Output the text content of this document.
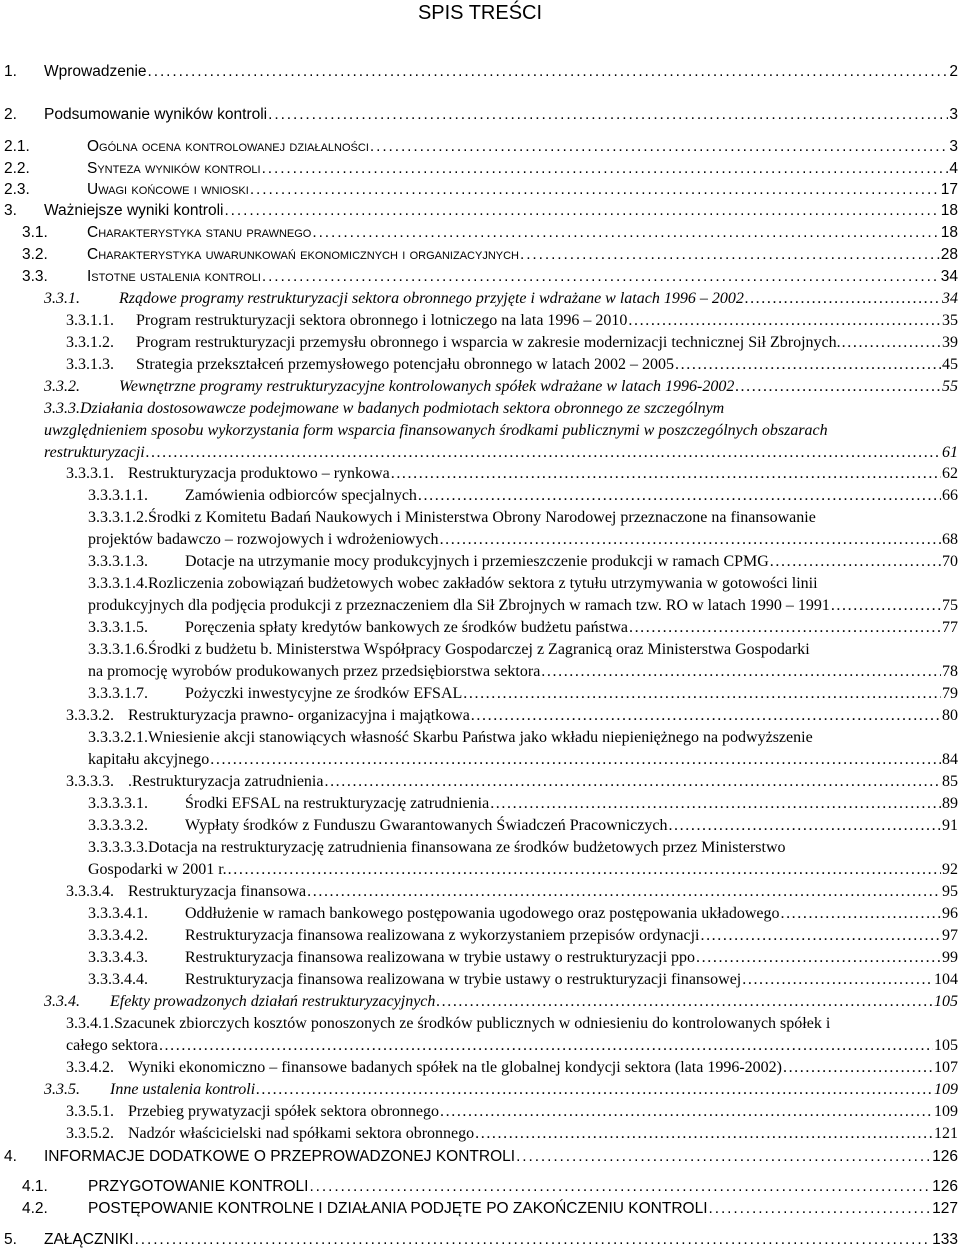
SPIS TREŚCI
1.	Wprowadzenie . . .	2
2.	Podsumowanie wyników kontroli . . .	3
2.1.	Ogólna ocena kontrolowanej działalności . . .	3
2.2.	Synteza wyników kontroli . . .	4
2.3.	Uwagi końcowe i wnioski . . .	17
3.	Ważniejsze wyniki kontroli . . .	18
3.1.	Charakterystyka stanu prawnego . . .	18
3.2.	Charakterystyka uwarunkowań ekonomicznych i organizacyjnych . . .	28
3.3.	Istotne ustalenia kontroli . . .	34
3.3.1.	Rządowe programy restrukturyzacji sektora obronnego przyjęte i wdrażane w latach 1996 – 2002 . . .	34
3.3.1.1.	Program restrukturyzacji sektora obronnego i lotniczego na lata 1996 – 2010 . . .	35
3.3.1.2.	Program restrukturyzacji przemysłu obronnego i wsparcia w zakresie modernizacji technicznej Sił Zbrojnych. . . .	39
3.3.1.3.	Strategia przekształceń przemysłowego potencjału obronnego w latach 2002 – 2005 . . .	45
3.3.2.	Wewnętrzne programy restrukturyzacyjne kontrolowanych spółek wdrażane w latach 1996-2002 . . .	55
3.3.3.Działania dostosowawcze podejmowane w badanych podmiotach sektora obronnego ze szczególnym
uwzględnieniem sposobu wykorzystania form wsparcia finansowanych środkami publicznymi w poszczególnych obszarach
restrukturyzacji . . .	61
3.3.3.1. Restrukturyzacja produktowo – rynkowa . . .	62
3.3.3.1.1.	Zamówienia odbiorców specjalnych . . .	66
3.3.3.1.2.Środki z Komitetu Badań Naukowych i Ministerstwa Obrony Narodowej przeznaczone na finansowanie
projektów badawczo – rozwojowych i wdrożeniowych . . .	68
3.3.3.1.3.	Dotacje na utrzymanie mocy produkcyjnych i przemieszczenie produkcji w ramach CPMG . . .	70
3.3.3.1.4.Rozliczenia zobowiązań budżetowych wobec zakładów sektora z tytułu utrzymywania w gotowości linii
produkcyjnych dla podjęcia produkcji z przeznaczeniem dla Sił Zbrojnych w ramach tzw. RO w latach 1990 – 1991 . . .	75
3.3.3.1.5.	Poręczenia spłaty kredytów bankowych ze środków budżetu państwa . . .	77
3.3.3.1.6.Środki z budżetu b. Ministerstwa Współpracy Gospodarczej z Zagranicą oraz Ministerstwa Gospodarki
na promocję wyrobów produkowanych przez przedsiębiorstwa sektora . . .	78
3.3.3.1.7.	Pożyczki inwestycyjne ze środków EFSAL . . .	79
3.3.3.2. Restrukturyzacja prawno- organizacyjna i majątkowa . . .	80
3.3.3.2.1.Wniesienie akcji stanowiących własność Skarbu Państwa jako wkładu niepieniężnego na podwyższenie
kapitału akcyjnego . . .	84
3.3.3.3. .Restrukturyzacja zatrudnienia . . .	85
3.3.3.3.1.	Środki EFSAL na restrukturyzację zatrudnienia . . .	89
3.3.3.3.2.	Wypłaty środków z Funduszu Gwarantowanych Świadczeń Pracowniczych . . .	91
3.3.3.3.3.Dotacja na restrukturyzację zatrudnienia finansowana ze środków budżetowych przez Ministerstwo
Gospodarki w 2001 r. . . .	92
3.3.3.4. Restrukturyzacja finansowa . . .	95
3.3.3.4.1.	Oddłużenie w ramach bankowego postępowania ugodowego oraz postępowania układowego . . .	96
3.3.3.4.2.	Restrukturyzacja finansowa realizowana z wykorzystaniem przepisów ordynacji . . .	97
3.3.3.4.3.	Restrukturyzacja finansowa realizowana w trybie ustawy o restrukturyzacji ppo . . .	99
3.3.3.4.4.	Restrukturyzacja finansowa realizowana w trybie ustawy o restrukturyzacji finansowej . . .	104
3.3.4.	Efekty prowadzonych działań restrukturyzacyjnych . . .	105
3.3.4.1.Szacunek zbiorczych kosztów ponoszonych ze środków publicznych w odniesieniu do kontrolowanych spółek i
całego sektora . . .	105
3.3.4.2. Wyniki ekonomiczno – finansowe badanych spółek na tle globalnej kondycji sektora (lata 1996-2002) . . .	107
3.3.5.	Inne ustalenia kontroli . . .	109
3.3.5.1. Przebieg prywatyzacji spółek sektora obronnego . . .	109
3.3.5.2. Nadzór właścicielski nad spółkami sektora obronnego . . .	121
4.	INFORMACJE DODATKOWE O PRZEPROWADZONEJ KONTROLI . . .	126
4.1.	PRZYGOTOWANIE KONTROLI . . .	126
4.2.	POSTĘPOWANIE KONTROLNE I DZIAŁANIA PODJĘTE PO ZAKOŃCZENIU KONTROLI . . .	127
5.	ZAŁĄCZNIKI . . .	133
